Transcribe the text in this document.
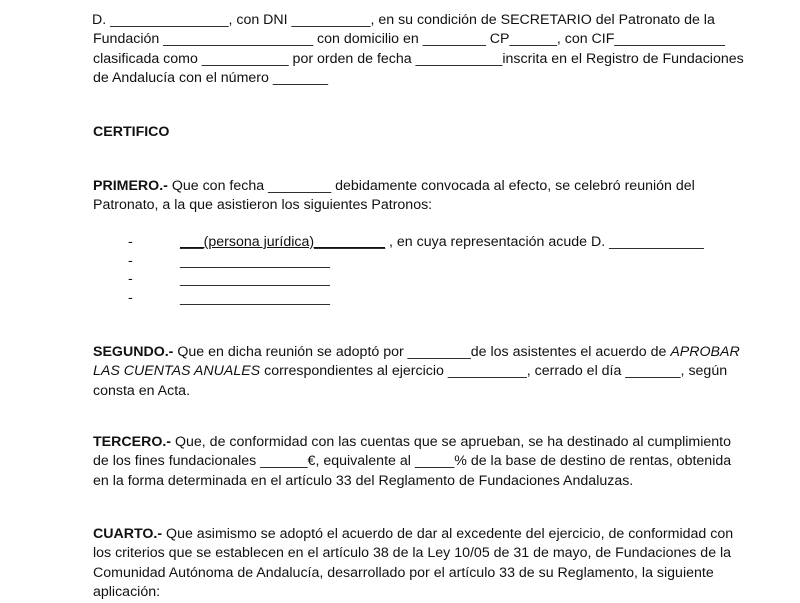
D. _______________, con DNI __________, en su condición de SECRETARIO del Patronato de la
Fundación ___________________ con domicilio en ________ CP______, con CIF______________
clasificada como ___________ por orden de fecha ___________inscrita en el Registro de Fundaciones
de Andalucía con el número _______
CERTIFICO
PRIMERO.- Que con fecha ________ debidamente convocada al efecto, se celebró reunión del
Patronato, a la que asistieron los siguientes Patronos:
-	___(persona jurídica)_________ , en cuya representación acude D. ____________
-	___________________
-	___________________
-	___________________
SEGUNDO.- Que en dicha reunión se adoptó por ________de los asistentes el acuerdo de APROBAR
LAS CUENTAS ANUALES correspondientes al ejercicio __________, cerrado el día _______, según
consta en Acta.
TERCERO.- Que, de conformidad con las cuentas que se aprueban, se ha destinado al cumplimiento
de los fines fundacionales ______€, equivalente al _____% de la base de destino de rentas, obtenida
en la forma determinada en el artículo 33 del Reglamento de Fundaciones Andaluzas.
CUARTO.- Que asimismo se adoptó el acuerdo de dar al excedente del ejercicio, de conformidad con
los criterios que se establecen en el artículo 38 de la Ley 10/05 de 31 de mayo, de Fundaciones de la
Comunidad Autónoma de Andalucía, desarrollado por el artículo 33 de su Reglamento, la siguiente
aplicación:
